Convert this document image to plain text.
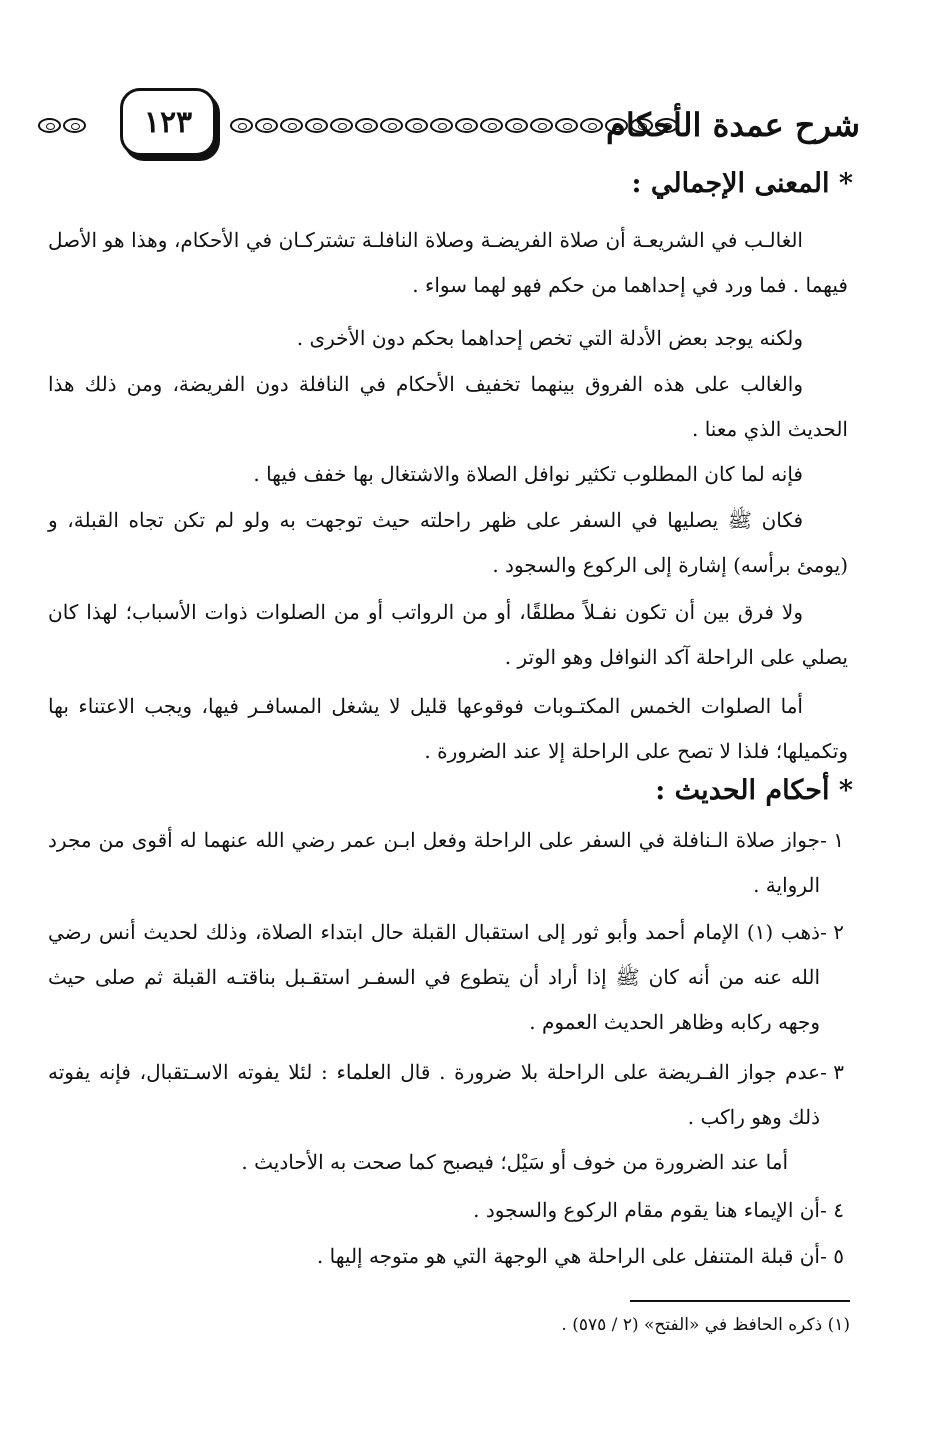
شرح عمدة الأحكام
١٢٣
* المعنى الإجمالي :
الغالـب في الشريعـة أن صلاة الفريضـة وصلاة النافلـة تشتركـان في الأحكام، وهذا هو الأصل فيهما . فما ورد في إحداهما من حكم فهو لهما سواء .
ولكنه يوجد بعض الأدلة التي تخص إحداهما بحكم دون الأخرى .
والغالب على هذه الفروق بينهما تخفيف الأحكام في النافلة دون الفريضة، ومن ذلك هذا الحديث الذي معنا .
فإنه لما كان المطلوب تكثير نوافل الصلاة والاشتغال بها خفف فيها .
فكان ﷺ يصليها في السفر على ظهر راحلته حيث توجهت به ولو لم تكن تجاه القبلة، و (يومئ برأسه) إشارة إلى الركوع والسجود .
ولا فرق بين أن تكون نفـلاً مطلقًا، أو من الرواتب أو من الصلوات ذوات الأسباب؛ لهذا كان يصلي على الراحلة آكد النوافل وهو الوتر .
أما الصلوات الخمس المكتـوبات فوقوعها قليل لا يشغل المسافـر فيها، ويجب الاعتناء بها وتكميلها؛ فلذا لا تصح على الراحلة إلا عند الضرورة .
* أحكام الحديث :
١ -
جواز صلاة الـنافلة في السفر على الراحلة وفعل ابـن عمر رضي الله عنهما له أقوى من مجرد الرواية .
٢ -
ذهب (١) الإمام أحمد وأبو ثور إلى استقبال القبلة حال ابتداء الصلاة، وذلك لحديث أنس رضي الله عنه من أنه كان ﷺ إذا أراد أن يتطوع في السفـر استقـبل بناقتـه القبلة ثم صلى حيث وجهه ركابه وظاهر الحديث العموم .
٣ -
عدم جواز الفـريضة على الراحلة بلا ضرورة . قال العلماء : لئلا يفوته الاسـتقبال، فإنه يفوته ذلك وهو راكب .
أما عند الضرورة من خوف أو سَيْل؛ فيصبح كما صحت به الأحاديث .
٤ -
أن الإيماء هنا يقوم مقام الركوع والسجود .
٥ -
أن قبلة المتنفل على الراحلة هي الوجهة التي هو متوجه إليها .
(١) ذكره الحافظ في «الفتح» (٢ / ٥٧٥) .
